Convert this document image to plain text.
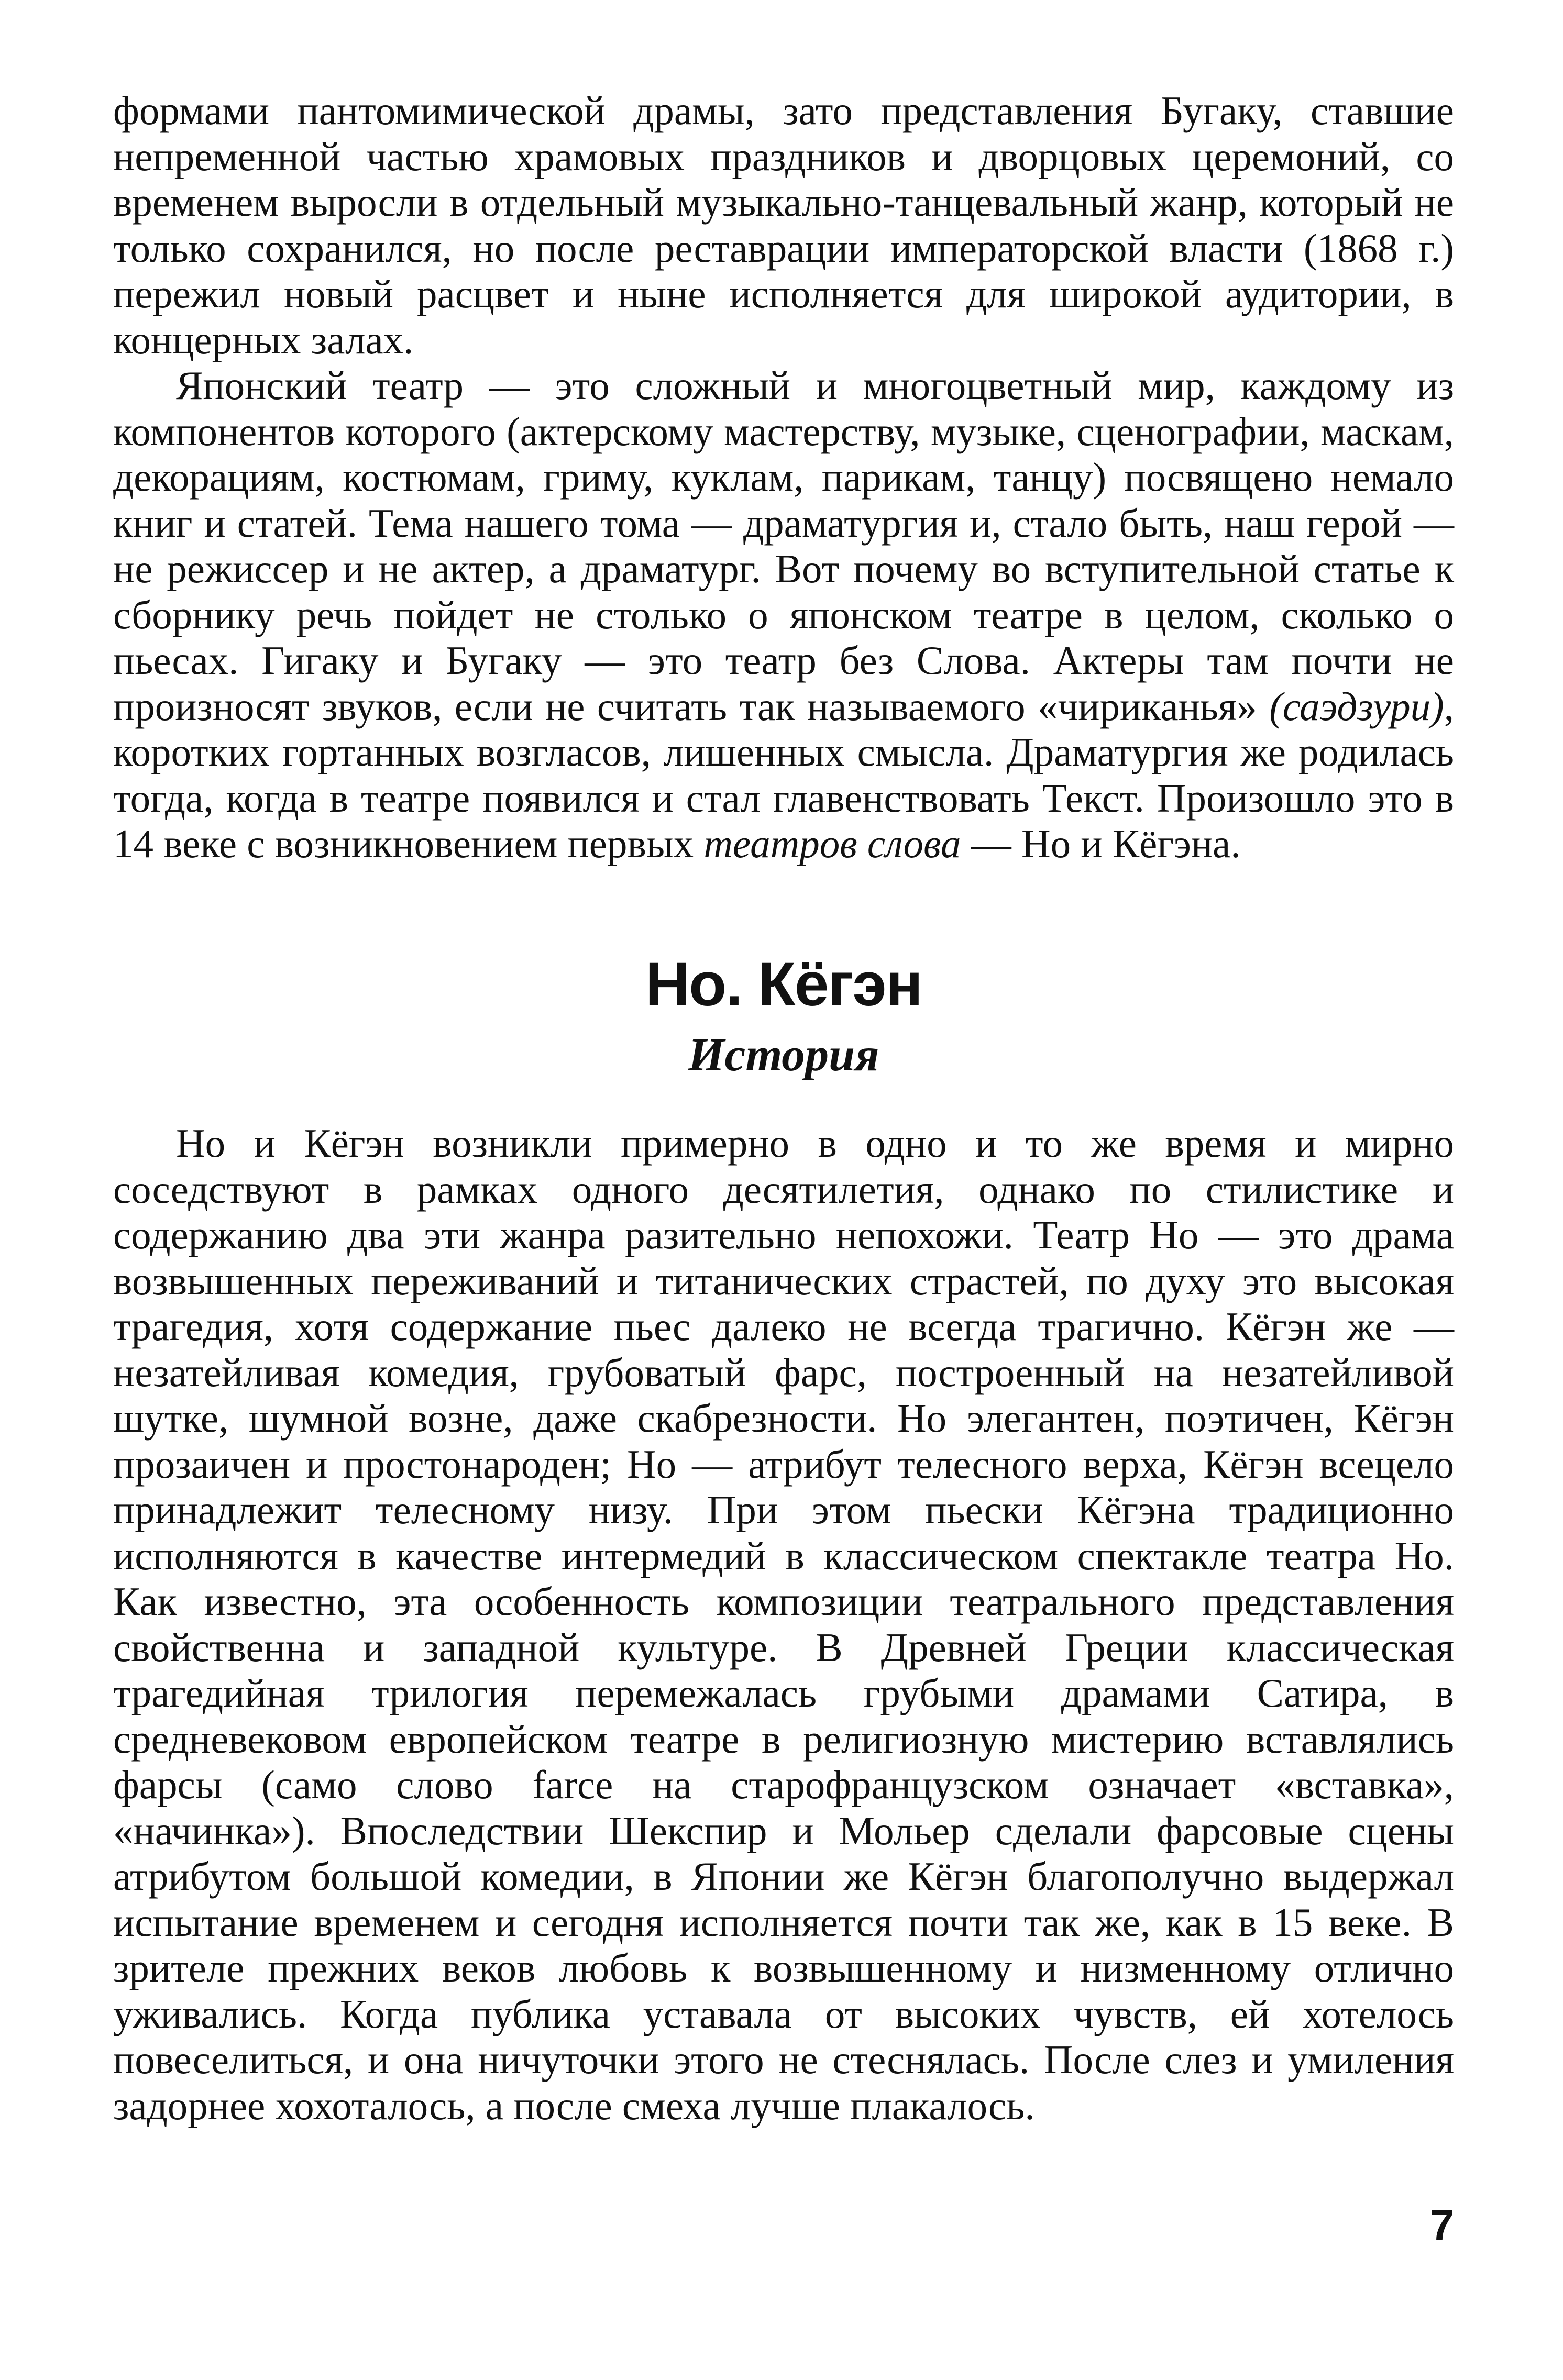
формами пантомимической драмы, зато представления Бугаку, ставшие непременной частью храмовых праздников и дворцовых церемоний, со временем выросли в отдельный музыкально-танцевальный жанр, который не только сохранился, но после реставрации императорской власти (1868 г.) пережил новый расцвет и ныне исполняется для широкой аудитории, в концерных залах.

Японский театр — это сложный и многоцветный мир, каждому из компонентов которого (актерскому мастерству, музыке, сценографии, маскам, декорациям, костюмам, гриму, куклам, парикам, танцу) посвящено немало книг и статей. Тема нашего тома — драматургия и, стало быть, наш герой — не режиссер и не актер, а драматург. Вот почему во вступительной статье к сборнику речь пойдет не столько о японском театре в целом, сколько о пьесах. Гигаку и Бугаку — это театр без Слова. Актеры там почти не произносят звуков, если не считать так называемого «чириканья» (саэдзури), коротких гортанных возгласов, лишенных смысла. Драматургия же родилась тогда, когда в театре появился и стал главенствовать Текст. Произошло это в 14 веке с возникновением первых театров слова — Но и Кёгэна.

Но. Кёгэн
История

Но и Кёгэн возникли примерно в одно и то же время и мирно соседствуют в рамках одного десятилетия, однако по стилистике и содержанию два эти жанра разительно непохожи. Театр Но — это драма возвышенных переживаний и титанических страстей, по духу это высокая трагедия, хотя содержание пьес далеко не всегда трагично. Кёгэн же — незатейливая комедия, грубоватый фарс, построенный на незатейливой шутке, шумной возне, даже скабрезности. Но элегантен, поэтичен, Кёгэн прозаичен и простонароден; Но — атрибут телесного верха, Кёгэн всецело принадлежит телесному низу. При этом пьески Кёгэна традиционно исполняются в качестве интермедий в классическом спектакле театра Но. Как известно, эта особенность композиции театрального представления свойственна и западной культуре. В Древней Греции классическая трагедийная трилогия перемежалась грубыми драмами Сатира, в средневековом европейском театре в религиозную мистерию вставлялись фарсы (само слово farce на старофранцузском означает «вставка», «начинка»). Впоследствии Шекспир и Мольер сделали фарсовые сцены атрибутом большой комедии, в Японии же Кёгэн благополучно выдержал испытание временем и сегодня исполняется почти так же, как в 15 веке. В зрителе прежних веков любовь к возвышенному и низменному отлично уживались. Когда публика уставала от высоких чувств, ей хотелось повеселиться, и она ничуточки этого не стеснялась. После слез и умиления задорнее хохоталось, а после смеха лучше плакалось.

7
